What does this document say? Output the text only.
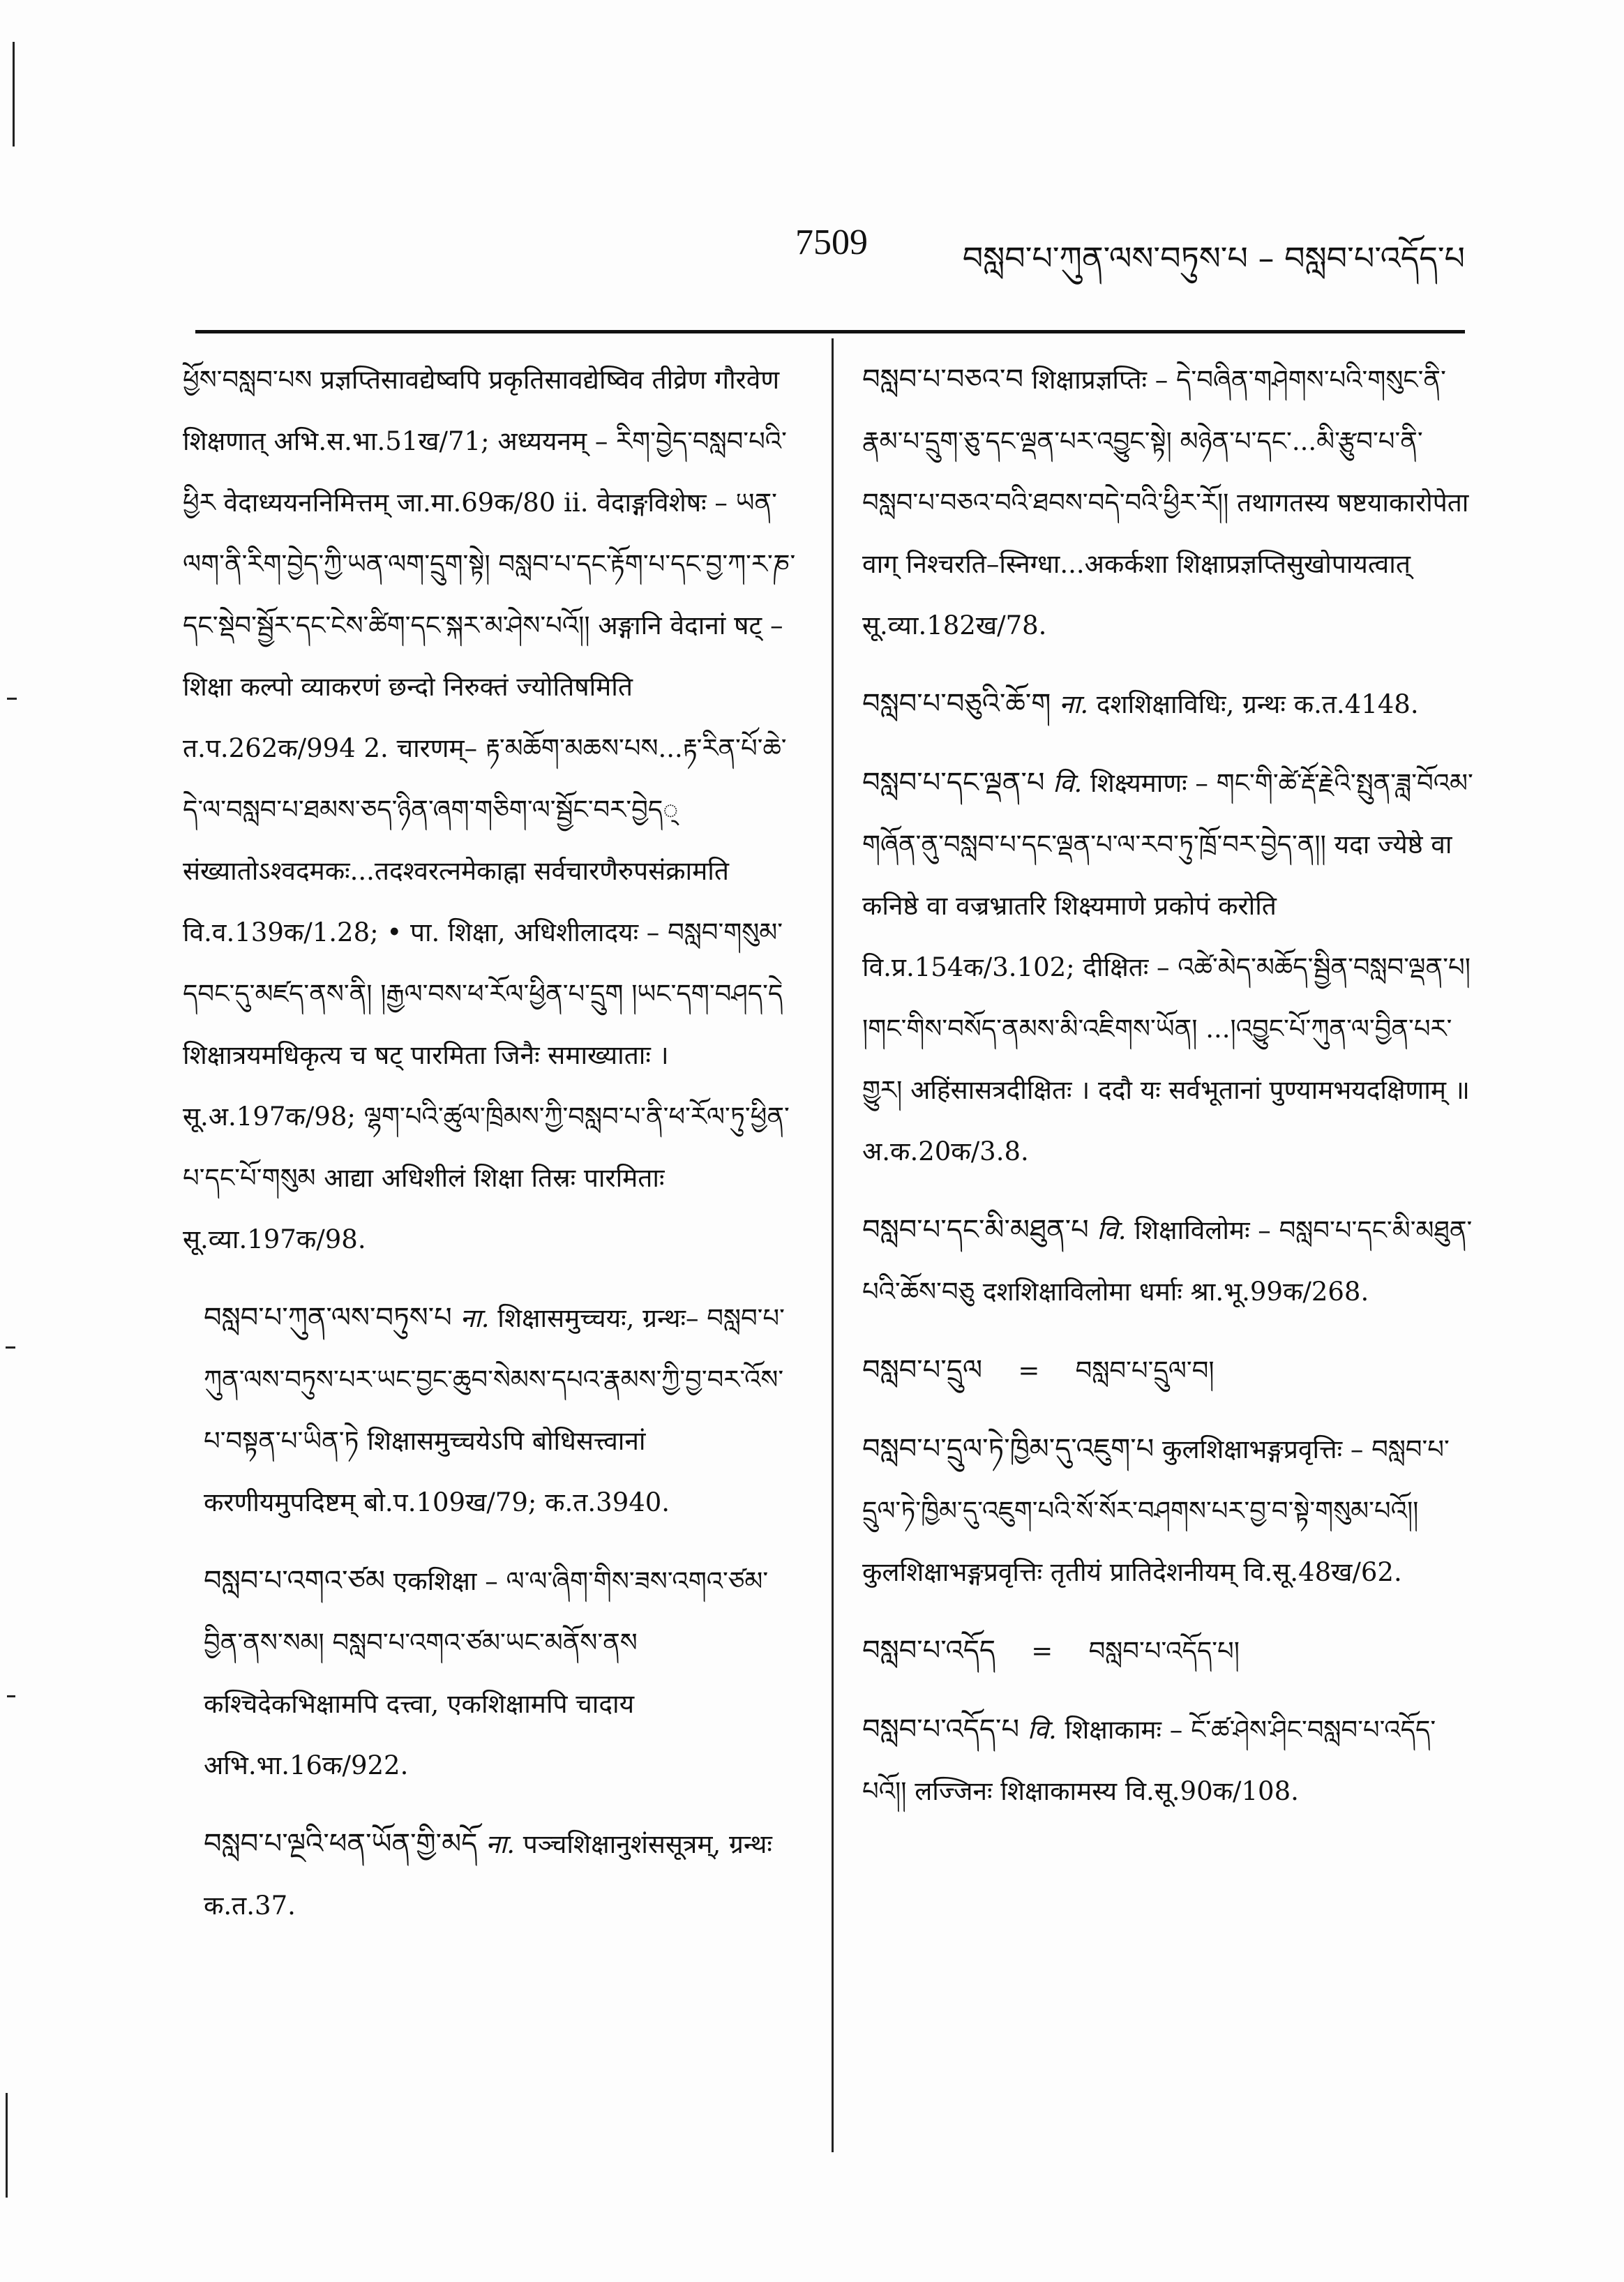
7509	བསླབ་པ་ཀུན་ལས་བཏུས་པ – བསླབ་པ་འདོད་པ
ཕྱོས་བསླབ་པས प्रज्ञप्तिसावद्येष्वपि प्रकृतिसावद्येष्विव तीव्रेण गौरवेण शिक्षणात् अभि.स.भा.51ख/71; अध्ययनम् – རིག་བྱེད་བསླབ་པའི་ཕྱིར वेदाध्ययननिमित्तम् जा.मा.69क/80 ii. वेदाङ्गविशेषः – ཡན་ལག་ནི་རིག་བྱེད་ཀྱི་ཡན་ལག་དྲུག་སྟེ། བསླབ་པ་དང་རྟོག་པ་དང་བྱ་ཀ་ར་ཎ་དང་སྡེབ་སྦྱོར་དང་ངེས་ཚིག་དང་སྐར་མ་ཤེས་པའོ།། अङ्गानि वेदानां षट् – शिक्षा कल्पो व्याकरणं छन्दो निरुक्तं ज्योतिषमिति त.प.262क/994 2. चारणम्– རྟ་མཆོག་མཆས་པས...རྟ་རིན་པོ་ཆེ་དེ་ལ་བསླབ་པ་ཐམས་ཅད་ཉིན་ཞག་གཅིག་ལ་སྦྱོང་བར་བྱེད् संख्यातोऽश्वदमकः...तदश्वरत्नमेकाह्ना सर्वचारणैरुपसंक्रामति वि.व.139क/1.28; • पा. शिक्षा, अधिशीलादयः – བསླབ་གསུམ་དབང་དུ་མཛད་ནས་ནི། །རྒྱལ་བས་ཕ་རོལ་ཕྱིན་པ་དྲུག །ཡང་དག་བཤད་དེ शिक्षात्रयमधिकृत्य च षट् पारमिता जिनैः समाख्याताः । सू.अ.197क/98; ལྷག་པའི་ཚུལ་ཁྲིམས་ཀྱི་བསླབ་པ་ནི་ཕ་རོལ་ཏུ་ཕྱིན་པ་དང་པོ་གསུམ आद्या अधिशीलं शिक्षा तिस्रः पारमिताः सू.व्या.197क/98.
བསླབ་པ་ཀུན་ལས་བཏུས་པ ना. शिक्षासमुच्चयः, ग्रन्थः– བསླབ་པ་ཀུན་ལས་བཏུས་པར་ཡང་བྱང་ཆུབ་སེམས་དཔའ་རྣམས་ཀྱི་བྱ་བར་འོས་པ་བསྟན་པ་ཡིན་ཏེ शिक्षासमुच्चयेऽपि बोधिसत्त्वानां करणीयमुपदिष्टम् बो.प.109ख/79; क.त.3940.
བསླབ་པ་འགའ་ཙམ एकशिक्षा – ལ་ལ་ཞིག་གིས་ཟས་འགའ་ཙམ་བྱིན་ནས་སམ། བསླབ་པ་འགའ་ཙམ་ཡང་མནོས་ནས कश्चिदेकभिक्षामपि दत्त्वा, एकशिक्षामपि चादाय अभि.भा.16क/922.
བསླབ་པ་ལྔའི་ཕན་ཡོན་གྱི་མདོ ना. पञ्चशिक्षानुशंससूत्रम्, ग्रन्थः क.त.37.
བསླབ་པ་བཅའ་བ शिक्षाप्रज्ञप्तिः – དེ་བཞིན་གཤེགས་པའི་གསུང་ནི་རྣམ་པ་དྲུག་ཅུ་དང་ལྡན་པར་འབྱུང་སྟེ། མཉེན་པ་དང་...མི་རྩུབ་པ་ནི་བསླབ་པ་བཅའ་བའི་ཐབས་བདེ་བའི་ཕྱིར་རོ།། तथागतस्य षष्टयाकारोपेता वाग् निश्चरति–स्निग्धा...अकर्कशा शिक्षाप्रज्ञप्तिसुखोपायत्वात् सू.व्या.182ख/78.
བསླབ་པ་བཅུའི་ཆོ་ག ना. दशशिक्षाविधिः, ग्रन्थः क.त.4148.
བསླབ་པ་དང་ལྡན་པ वि. शिक्ष्यमाणः – གང་གི་ཚེ་རྡོ་རྗེའི་སྤུན་ཟླ་བོའམ་གཞོན་ནུ་བསླབ་པ་དང་ལྡན་པ་ལ་རབ་ཏུ་ཁྲོ་བར་བྱེད་ན།། यदा ज्येष्ठे वा कनिष्ठे वा वज्रभ्रातरि शिक्ष्यमाणे प्रकोपं करोति वि.प्र.154क/3.102; दीक्षितः – འཚེ་མེད་མཆོད་སྦྱིན་བསླབ་ལྡན་པ། །གང་གིས་བསོད་ནམས་མི་འཇིགས་ཡོན། ...།འབྱུང་པོ་ཀུན་ལ་བྱིན་པར་གྱུར། अहिंसासत्रदीक्षितः । ददौ यः सर्वभूतानां पुण्यामभयदक्षिणाम् ॥ अ.क.20क/3.8.
བསླབ་པ་དང་མི་མཐུན་པ वि. शिक्षाविलोमः – བསླབ་པ་དང་མི་མཐུན་པའི་ཆོས་བཅུ दशशिक्षाविलोमा धर्माः श्रा.भू.99क/268.
བསླབ་པ་དྲུལ = བསླབ་པ་དྲུལ་བ།
བསླབ་པ་དྲུལ་ཏེ་ཁྱིམ་དུ་འཇུག་པ कुलशिक्षाभङ्गप्रवृत्तिः – བསླབ་པ་དྲུལ་ཏེ་ཁྱིམ་དུ་འཇུག་པའི་སོ་སོར་བཤགས་པར་བྱ་བ་སྟེ་གསུམ་པའོ།། कुलशिक्षाभङ्गप्रवृत्तिः तृतीयं प्रातिदेशनीयम् वि.सू.48ख/62.
བསླབ་པ་འདོད = བསླབ་པ་འདོད་པ།
བསླབ་པ་འདོད་པ वि. शिक्षाकामः – ངོ་ཚ་ཤེས་ཤིང་བསླབ་པ་འདོད་པའོ།། लज्जिनः शिक्षाकामस्य वि.सू.90क/108.
